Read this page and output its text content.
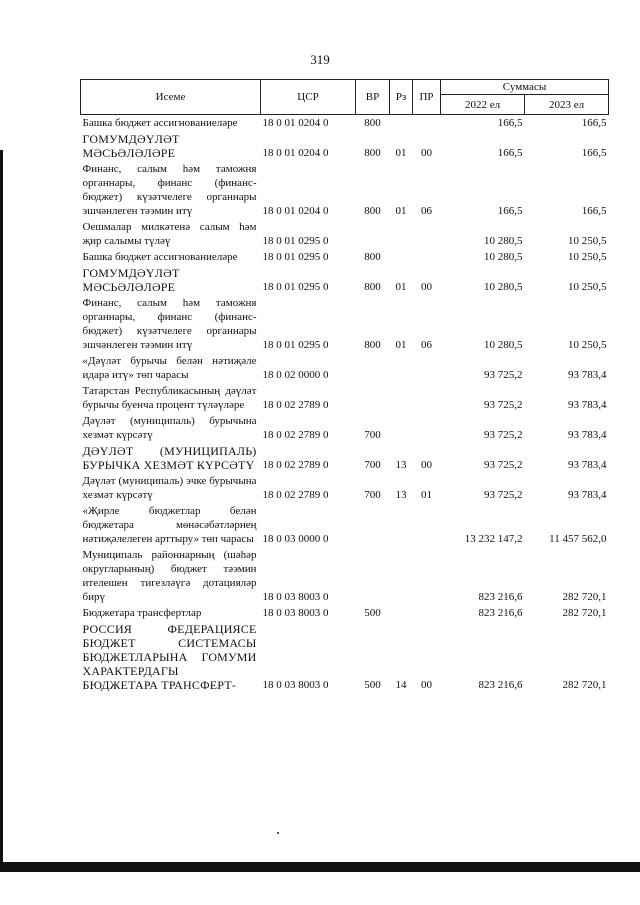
319
Исеме	ЦСР	ВР	Рз	ПР	Суммасы	
					2022 ел	2023 ел
Башка бюджет ассигнованиеләре	18 0 01 0204 0	800			166,5	166,5
ГОМУМДӘҮЛӘТ МӘСЬӘЛӘЛӘРЕ	18 0 01 0204 0	800	01	00	166,5	166,5
Финанс, салым һәм таможня органнары, финанс (финанс-бюджет) күзәтчелеге органнары эшчәнлеген тәэмин итү	18 0 01 0204 0	800	01	06	166,5	166,5
Оешмалар милкәтенә салым һәм җир салымы түләү	18 0 01 0295 0				10 280,5	10 250,5
Башка бюджет ассигнованиеләре	18 0 01 0295 0	800			10 280,5	10 250,5
ГОМУМДӘҮЛӘТ МӘСЬӘЛӘЛӘРЕ	18 0 01 0295 0	800	01	00	10 280,5	10 250,5
Финанс, салым һәм таможня органнары, финанс (финанс-бюджет) күзәтчелеге органнары эшчәнлеген тәэмин итү	18 0 01 0295 0	800	01	06	10 280,5	10 250,5
«Дәүләт бурычы белән нәтиҗәле идарә итү» төп чарасы	18 0 02 0000 0				93 725,2	93 783,4
Татарстан Республикасының дәүләт бурычы буенча процент түләүләре	18 0 02 2789 0				93 725,2	93 783,4
Дәүләт (муниципаль) бурычына хезмәт күрсәтү	18 0 02 2789 0	700			93 725,2	93 783,4
ДӘҮЛӘТ (МУНИЦИПАЛЬ) БУРЫЧКА ХЕЗМӘТ КҮРСӘТҮ	18 0 02 2789 0	700	13	00	93 725,2	93 783,4
Дәүләт (муниципаль) эчке бурычына хезмәт күрсәтү	18 0 02 2789 0	700	13	01	93 725,2	93 783,4
«Җирле бюджетлар белән бюджетара мөнәсәбәтләрнең нәтиҗәлелеген арттыру» төп чарасы	18 0 03 0000 0				13 232 147,2	11 457 562,0
Муниципаль районнарның (шәһәр округларының) бюджет тәэмин ителешен тигезләүгә дотацияләр бирү	18 0 03 8003 0				823 216,6	282 720,1
Бюджетара трансфертлар	18 0 03 8003 0	500			823 216,6	282 720,1
РОССИЯ ФЕДЕРАЦИЯСЕ БЮДЖЕТ СИСТЕМАСЫ БЮДЖЕТЛАРЫНА ГОМУМИ ХАРАКТЕРДАГЫ БЮДЖЕТАРА ТРАНСФЕРТ-	18 0 03 8003 0	500	14	00	823 216,6	282 720,1
